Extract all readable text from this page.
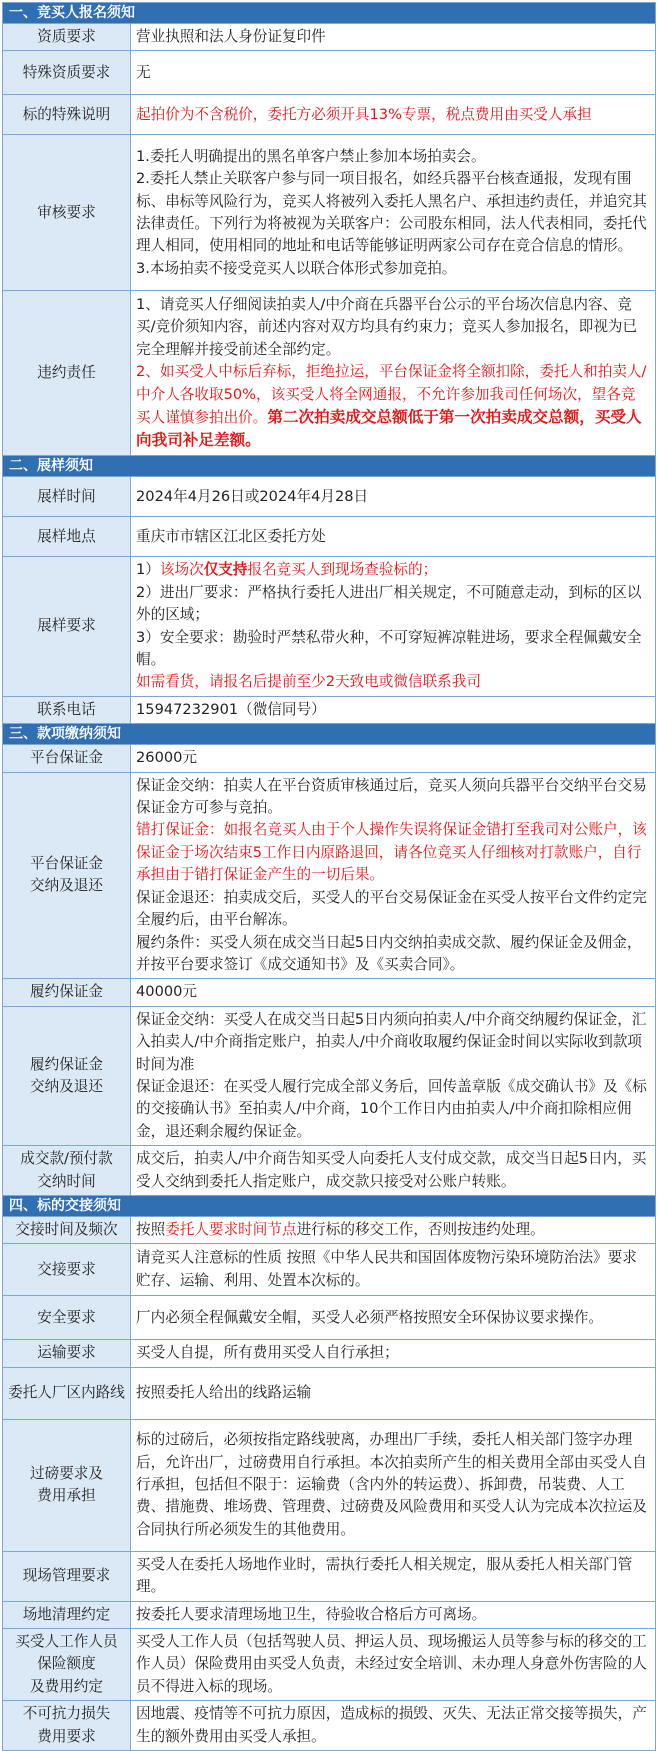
一、竞买人报名须知	
资质要求	营业执照和法人身份证复印件
特殊资质要求	无
标的特殊说明	起拍价为不含税价，委托方必须开具13%专票，税点费用由买受人承担
审核要求	1.委托人明确提出的黑名单客户禁止参加本场拍卖会。
2.委托人禁止关联客户参与同一项目报名，如经兵器平台核查通报，发现有围标、串标等风险行为，竞买人将被列入委托人黑名户、承担违约责任，并追究其法律责任。下列行为将被视为关联客户：公司股东相同，法人代表相同，委托代理人相同，使用相同的地址和电话等能够证明两家公司存在竞合信息的情形。
3.本场拍卖不接受竞买人以联合体形式参加竞拍。

违约责任	1、请竞买人仔细阅读拍卖人/中介商在兵器平台公示的平台场次信息内容、竞买/竞价须知内容，前述内容对双方均具有约束力；竞买人参加报名，即视为已完全理解并接受前述全部约定。
2、如买受人中标后弃标，拒绝拉运，平台保证金将全额扣除，委托人和拍卖人/中介人各收取50%，该买受人将全网通报，不允许参加我司任何场次，望各竞买人谨慎参拍出价。第二次拍卖成交总额低于第一次拍卖成交总额，买受人向我司补足差额。
二、展样须知	
展样时间	2024年4月26日或2024年4月28日
展样地点	重庆市市辖区江北区委托方处
展样要求	1）该场次仅支持报名竞买人到现场查验标的；
2）进出厂要求：严格执行委托人进出厂相关规定，不可随意走动，到标的区以外的区域；
3）安全要求：勘验时严禁私带火种，不可穿短裤凉鞋进场，要求全程佩戴安全帽。
如需看货，请报名后提前至少2天致电或微信联系我司

联系电话	15947232901（微信同号）
三、款项缴纳须知	
平台保证金	26000元

平台保证金
交纳及退还	保证金交纳：拍卖人在平台资质审核通过后，竞买人须向兵器平台交纳平台交易保证金方可参与竞拍。
错打保证金：如报名竞买人由于个人操作失误将保证金错打至我司对公账户，该保证金于场次结束5工作日内原路退回，请各位竞买人仔细核对打款账户，自行承担由于错打保证金产生的一切后果。
保证金退还：拍卖成交后，买受人的平台交易保证金在买受人按平台文件约定完全履约后，由平台解冻。
履约条件：买受人须在成交当日起5日内交纳拍卖成交款、履约保证金及佣金，并按平台要求签订《成交通知书》及《买卖合同》。

履约保证金	40000元

履约保证金
交纳及退还	保证金交纳：买受人在成交当日起5日内须向拍卖人/中介商交纳履约保证金，汇入拍卖人/中介商指定账户，拍卖人/中介商收取履约保证金时间以实际收到款项时间为准
保证金退还：在买受人履行完成全部义务后，回传盖章版《成交确认书》及《标的交接确认书》至拍卖人/中介商，10个工作日内由拍卖人/中介商扣除相应佣金，退还剩余履约保证金。

成交款/预付款
交纳时间	成交后，拍卖人/中介商告知买受人向委托人支付成交款，成交当日起5日内，买受人交纳到委托人指定账户，成交款只接受对公账户转账。
四、标的交接须知	
交接时间及频次	按照委托人要求时间节点进行标的移交工作，否则按违约处理。
交接要求	请竞买人注意标的性质 按照《中华人民共和国固体废物污染环境防治法》要求贮存、运输、利用、处置本次标的。
安全要求	厂内必须全程佩戴安全帽，买受人必须严格按照安全环保协议要求操作。
运输要求	买受人自提，所有费用买受人自行承担；
委托人厂区内路线	按照委托人给出的线路运输

过磅要求及
费用承担	标的过磅后，必须按指定路线驶离，办理出厂手续，委托人相关部门签字办理后，允许出厂，过磅费用自行承担。本次拍卖所产生的相关费用全部由买受人自行承担，包括但不限于：运输费（含内外的转运费）、拆卸费，吊装费、人工费、措施费、堆场费、管理费、过磅费及风险费用和买受人认为完成本次拉运及合同执行所必须发生的其他费用。
现场管理要求	买受人在委托人场地作业时，需执行委托人相关规定，服从委托人相关部门管理。
场地清理约定	按委托人要求清理场地卫生，待验收合格后方可离场。

买受人工作人员
保险额度
及费用约定	买受人工作人员（包括驾驶人员、押运人员、现场搬运人员等参与标的移交的工作人员）保险费用由买受人负责，未经过安全培训、未办理人身意外伤害险的人员不得进入标的现场。

不可抗力损失
费用要求	因地震、疫情等不可抗力原因，造成标的损毁、灭失、无法正常交接等损失，产生的额外费用由买受人承担。
